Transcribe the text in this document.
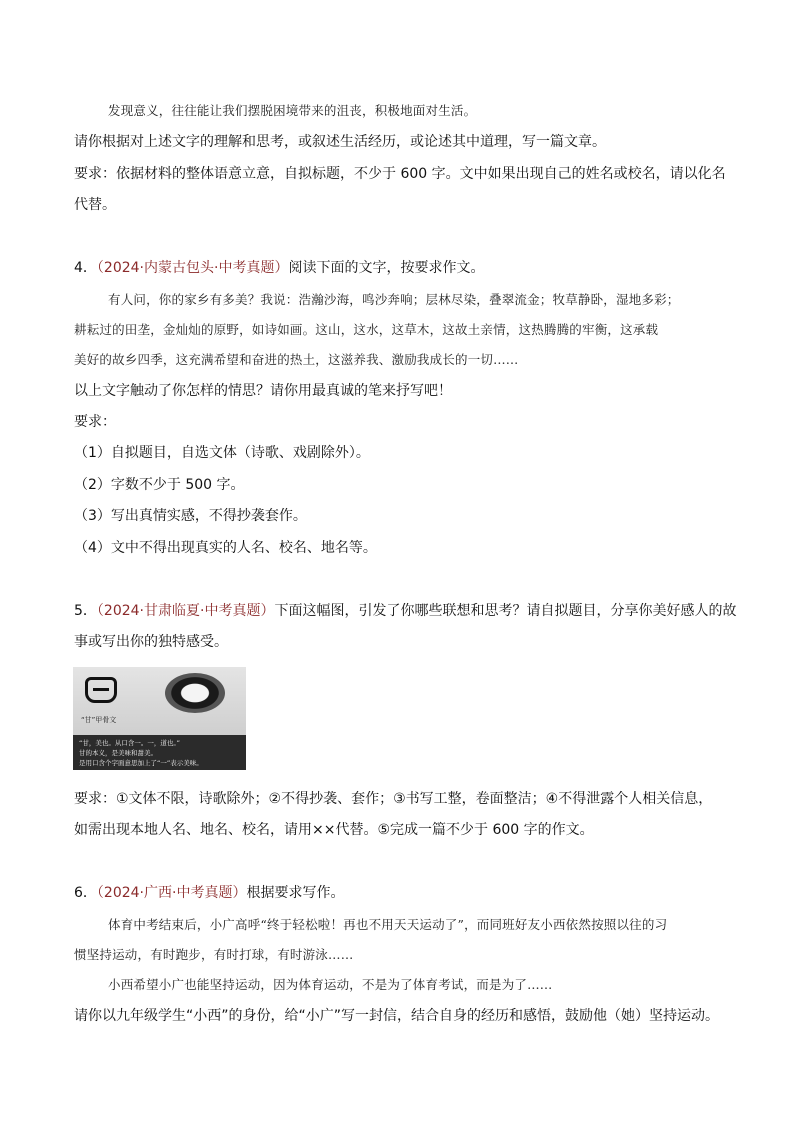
发现意义，往往能让我们摆脱困境带来的沮丧，积极地面对生活。
请你根据对上述文字的理解和思考，或叙述生活经历，或论述其中道理，写一篇文章。
要求：依据材料的整体语意立意，自拟标题，不少于 600 字。文中如果出现自己的姓名或校名，请以化名
代替。
4．（2024·内蒙古包头·中考真题）阅读下面的文字，按要求作文。
有人问，你的家乡有多美？我说：浩瀚沙海，鸣沙奔响；层林尽染，叠翠流金；牧草静卧，湿地多彩；
耕耘过的田垄，金灿灿的原野，如诗如画。这山，这水，这草木，这故土亲情，这热腾腾的牢衡，这承载
美好的故乡四季，这充满希望和奋进的热土，这滋养我、激励我成长的一切……
以上文字触动了你怎样的情思？请你用最真诚的笔来抒写吧！
要求：
（1）自拟题目，自选文体（诗歌、戏剧除外）。
（2）字数不少于 500 字。
（3）写出真情实感，不得抄袭套作。
（4）文中不得出现真实的人名、校名、地名等。
5．（2024·甘肃临夏·中考真题）下面这幅图，引发了你哪些联想和思考？请自拟题目，分享你美好感人的故
事或写出你的独特感受。
“甘”甲骨文
“甘，美也。从口含一。一，道也。”
甘的本义，是美味和甜美。
是用口含个字面意思加上了“一”表示美味。
要求：①文体不限，诗歌除外；②不得抄袭、套作；③书写工整，卷面整洁；④不得泄露个人相关信息，
如需出现本地人名、地名、校名，请用××代替。⑤完成一篇不少于 600 字的作文。
6．（2024·广西·中考真题）根据要求写作。
体育中考结束后，小广高呼“终于轻松啦！再也不用天天运动了”，而同班好友小西依然按照以往的习
惯坚持运动，有时跑步，有时打球，有时游泳……
小西希望小广也能坚持运动，因为体育运动，不是为了体育考试，而是为了……
请你以九年级学生“小西”的身份，给“小广”写一封信，结合自身的经历和感悟，鼓励他（她）坚持运动。
